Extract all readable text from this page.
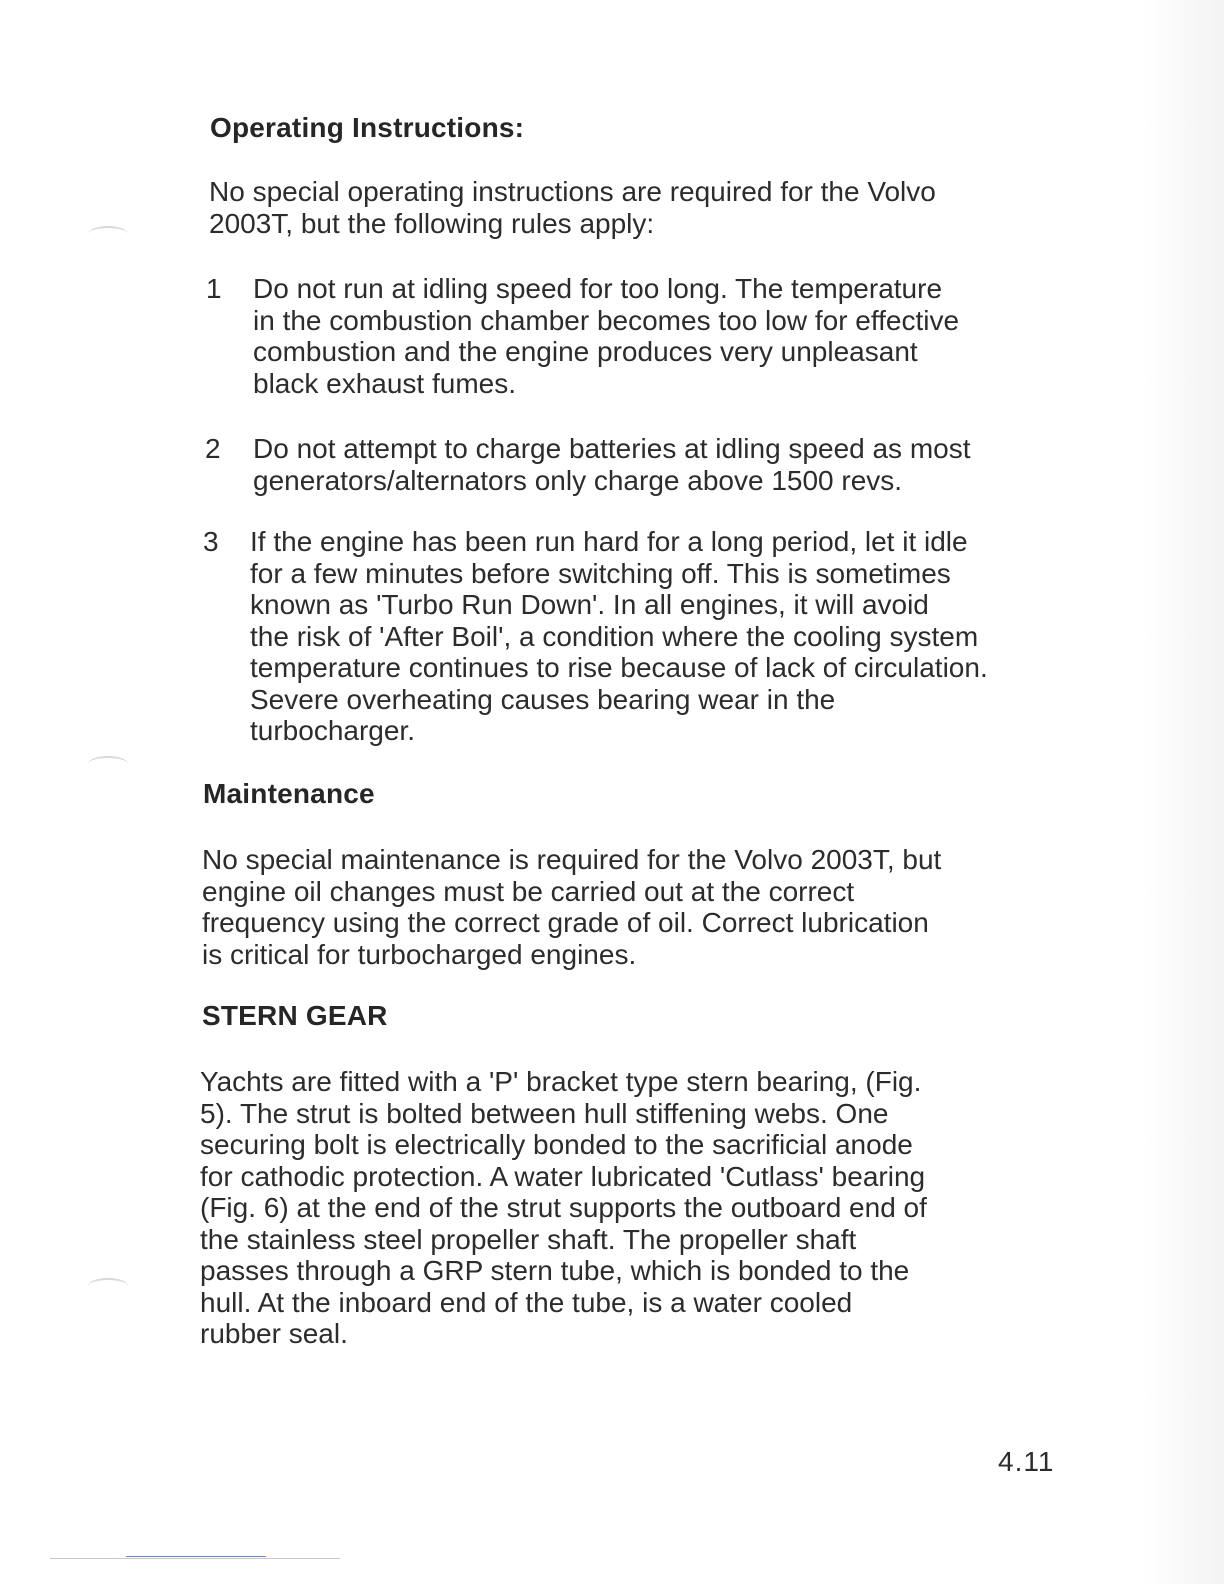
Operating Instructions:

No special operating instructions are required for the Volvo
2003T, but the following rules apply:

1 Do not run at idling speed for too long. The temperature
in the combustion chamber becomes too low for effective
combustion and the engine produces very unpleasant
black exhaust fumes.

2 Do not attempt to charge batteries at idling speed as most
generators/alternators only charge above 1500 revs.

3 If the engine has been run hard for a long period, let it idle
for a few minutes before switching off. This is sometimes
known as 'Turbo Run Down'. In all engines, it will avoid
the risk of 'After Boil', a condition where the cooling system
temperature continues to rise because of lack of circulation.
Severe overheating causes bearing wear in the
turbocharger.

Maintenance

No special maintenance is required for the Volvo 2003T, but
engine oil changes must be carried out at the correct
frequency using the correct grade of oil. Correct lubrication
is critical for turbocharged engines.

STERN GEAR

Yachts are fitted with a 'P' bracket type stern bearing, (Fig.
5). The strut is bolted between hull stiffening webs. One
securing bolt is electrically bonded to the sacrificial anode
for cathodic protection. A water lubricated 'Cutlass' bearing
(Fig. 6) at the end of the strut supports the outboard end of
the stainless steel propeller shaft. The propeller shaft
passes through a GRP stern tube, which is bonded to the
hull. At the inboard end of the tube, is a water cooled
rubber seal.

4.11
